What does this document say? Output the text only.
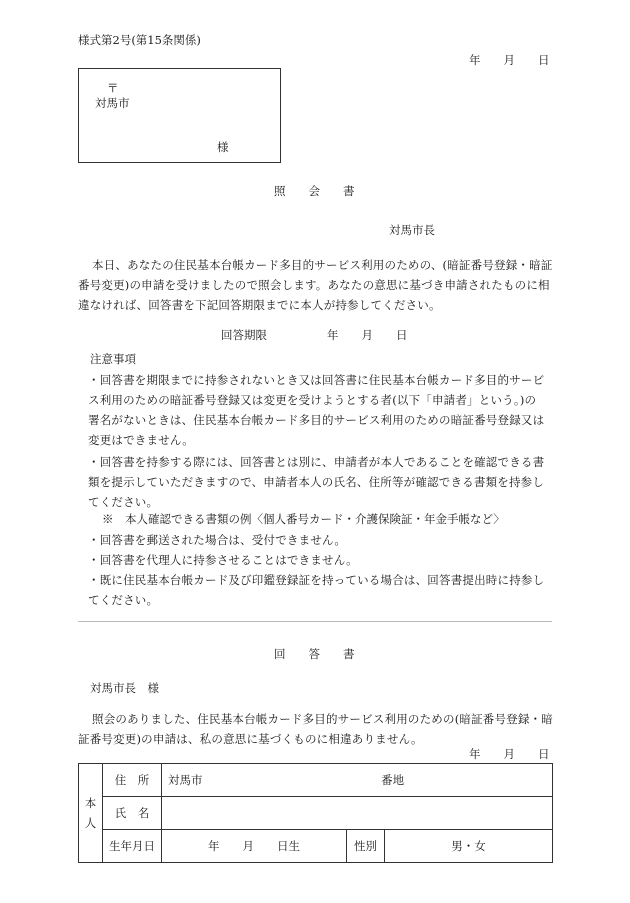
様式第2号(第15条関係)
年　　月　　日
〒
対馬市
様
照　　会　　書
対馬市長
本日、あなたの住民基本台帳カード多目的サービス利用のための、(暗証番号登録・暗証
番号変更)の申請を受けましたので照会します。あなたの意思に基づき申請されたものに相
違なければ、回答書を下記回答期限までに本人が持参してください。
回答期限	年　　月　　日
注意事項
・回答書を期限までに持参されないとき又は回答書に住民基本台帳カード多目的サービ
ス利用のための暗証番号登録又は変更を受けようとする者(以下「申請者」という。)の
署名がないときは、住民基本台帳カード多目的サービス利用のための暗証番号登録又は
変更はできません。
・回答書を持参する際には、回答書とは別に、申請者が本人であることを確認できる書
類を提示していただきますので、申請者本人の氏名、住所等が確認できる書類を持参し
てください。
※　本人確認できる書類の例〈個人番号カード・介護保険証・年金手帳など〉
・回答書を郵送された場合は、受付できません。
・回答書を代理人に持参させることはできません。
・既に住民基本台帳カード及び印鑑登録証を持っている場合は、回答書提出時に持参し
てください。
回　　答　　書
対馬市長　様
照会のありました、住民基本台帳カード多目的サービス利用のための(暗証番号登録・暗
証番号変更)の申請は、私の意思に基づくものに相違ありません。
年　　月　　日
本
人	住　所	対馬市 番地		
	氏　名			
	生年月日	年　　月　　日生	性別	男・女
